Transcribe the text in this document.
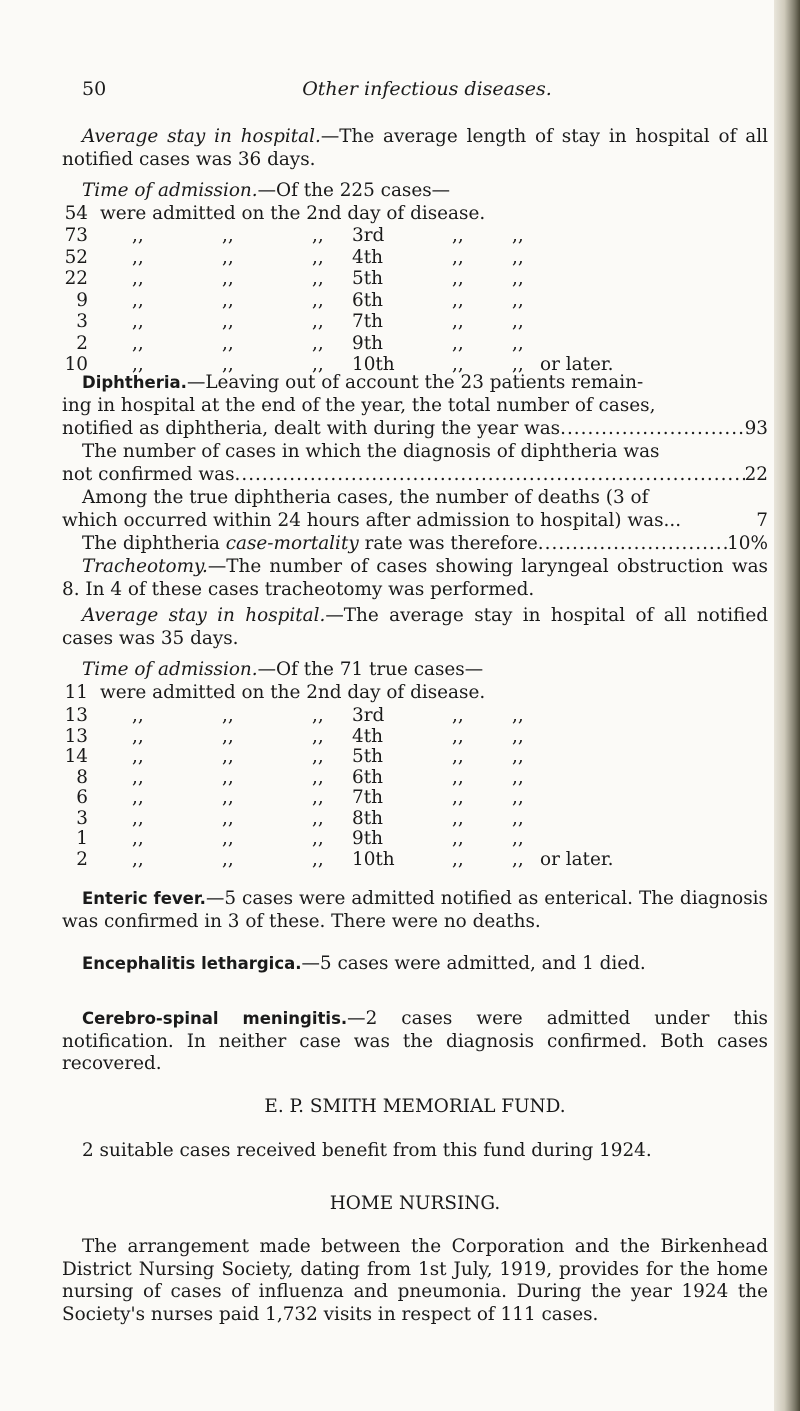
50	Other infectious diseases.
Average stay in hospital.—The average length of stay in hospital of all notified cases was 36 days.
Time of admission.—Of the 225 cases—
54 were admitted on the 2nd day of disease.
73 ,,	,,	,, 3rd	,,	,,
52 ,,	,,	,, 4th	,,	,,
22 ,,	,,	,, 5th	,,	,,
9 ,,	,,	,, 6th	,,	,,
3 ,,	,,	,, 7th	,,	,,
2 ,,	,,	,, 9th	,,	,,
10 ,,	,,	,, 10th	,,	,, or later.
Diphtheria.—Leaving out of account the 23 patients remain-
ing in hospital at the end of the year, the total number of cases,
notified as diphtheria, dealt with during the year was .....	93
The number of cases in which the diagnosis of diphtheria was
not confirmed was .....	22
Among the true diphtheria cases, the number of deaths (3 of
which occurred within 24 hours after admission to hospital) was...	7
The diphtheria case-mortality rate was therefore .....	10%
Tracheotomy.—The number of cases showing laryngeal obstruction was 8. In 4 of these cases tracheotomy was performed.
Average stay in hospital.—The average stay in hospital of all notified cases was 35 days.
Time of admission.—Of the 71 true cases—
11 were admitted on the 2nd day of disease.
13 ,,	,,	,, 3rd	,,	,,
13 ,,	,,	,, 4th	,,	,,
14 ,,	,,	,, 5th	,,	,,
8 ,,	,,	,, 6th	,,	,,
6 ,,	,,	,, 7th	,,	,,
3 ,,	,,	,, 8th	,,	,,
1 ,,	,,	,, 9th	,,	,,
2 ,,	,,	,, 10th	,,	,, or later.
Enteric fever.—5 cases were admitted notified as enterical. The diagnosis was confirmed in 3 of these. There were no deaths.
Encephalitis lethargica.—5 cases were admitted, and 1 died.
Cerebro-spinal meningitis.—2 cases were admitted under this notification. In neither case was the diagnosis confirmed. Both cases recovered.
E. P. SMITH MEMORIAL FUND.
2 suitable cases received benefit from this fund during 1924.
HOME NURSING.
The arrangement made between the Corporation and the Birkenhead District Nursing Society, dating from 1st July, 1919, provides for the home nursing of cases of influenza and pneumonia. During the year 1924 the Society's nurses paid 1,732 visits in respect of 111 cases.
